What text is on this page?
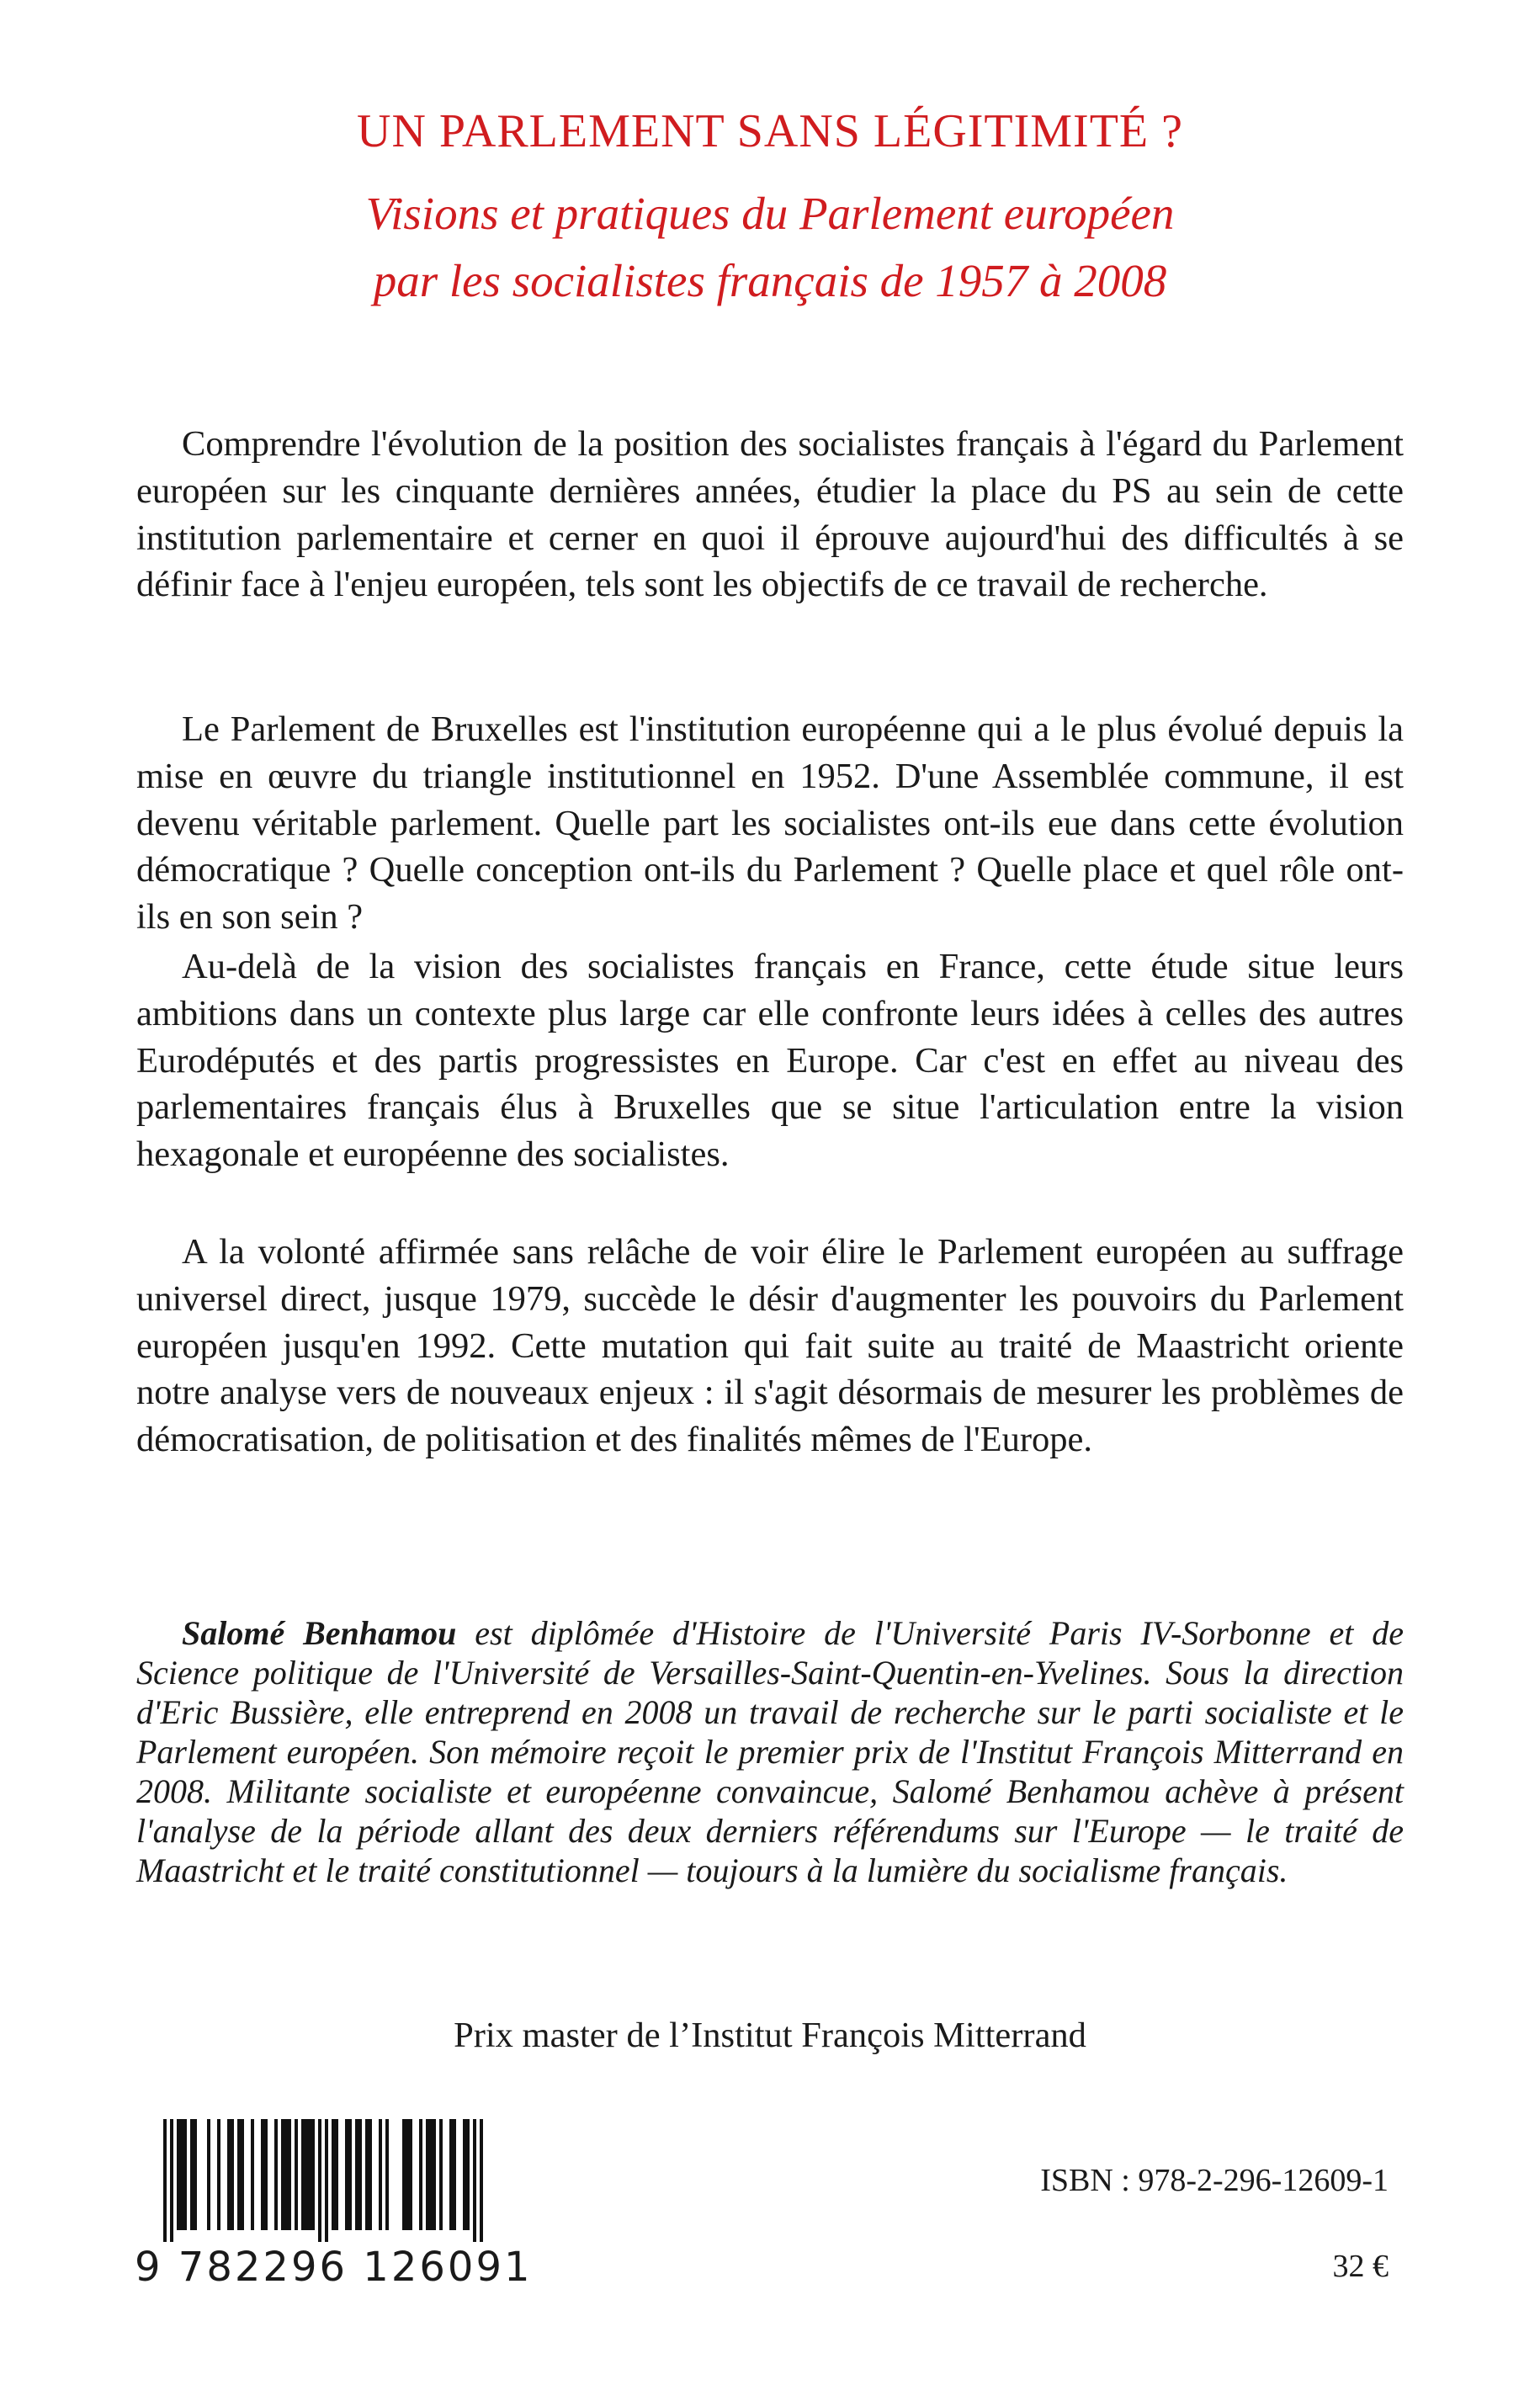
UN PARLEMENT SANS LÉGITIMITÉ ?
Visions et pratiques du Parlement européen
par les socialistes français de 1957 à 2008

Comprendre l'évolution de la position des socialistes français à l'égard du Parlement européen sur les cinquante dernières années, étudier la place du PS au sein de cette institution parlementaire et cerner en quoi il éprouve aujourd'hui des difficultés à se définir face à l'enjeu européen, tels sont les objectifs de ce travail de recherche.

Le Parlement de Bruxelles est l'institution européenne qui a le plus évolué depuis la mise en œuvre du triangle institutionnel en 1952. D'une Assemblée commune, il est devenu véritable parlement. Quelle part les socialistes ont-ils eue dans cette évolution démocratique ? Quelle conception ont-ils du Parlement ? Quelle place et quel rôle ont-ils en son sein ?

Au-delà de la vision des socialistes français en France, cette étude situe leurs ambitions dans un contexte plus large car elle confronte leurs idées à celles des autres Eurodéputés et des partis progressistes en Europe. Car c'est en effet au niveau des parlementaires français élus à Bruxelles que se situe l'articulation entre la vision hexagonale et européenne des socialistes.

A la volonté affirmée sans relâche de voir élire le Parlement européen au suffrage universel direct, jusque 1979, succède le désir d'augmenter les pouvoirs du Parlement européen jusqu'en 1992. Cette mutation qui fait suite au traité de Maastricht oriente notre analyse vers de nouveaux enjeux : il s'agit désormais de mesurer les problèmes de démocratisation, de politisation et des finalités mêmes de l'Europe.

Salomé Benhamou est diplômée d'Histoire de l'Université Paris IV-Sorbonne et de Science politique de l'Université de Versailles-Saint-Quentin-en-Yvelines. Sous la direction d'Eric Bussière, elle entreprend en 2008 un travail de recherche sur le parti socialiste et le Parlement européen. Son mémoire reçoit le premier prix de l'Institut François Mitterrand en 2008. Militante socialiste et européenne convaincue, Salomé Benhamou achève à présent l'analyse de la période allant des deux derniers référendums sur l'Europe — le traité de Maastricht et le traité constitutionnel — toujours à la lumière du socialisme français.

Prix master de l’Institut François Mitterrand
9 782296 126091
ISBN : 978-2-296-12609-1
32 €
